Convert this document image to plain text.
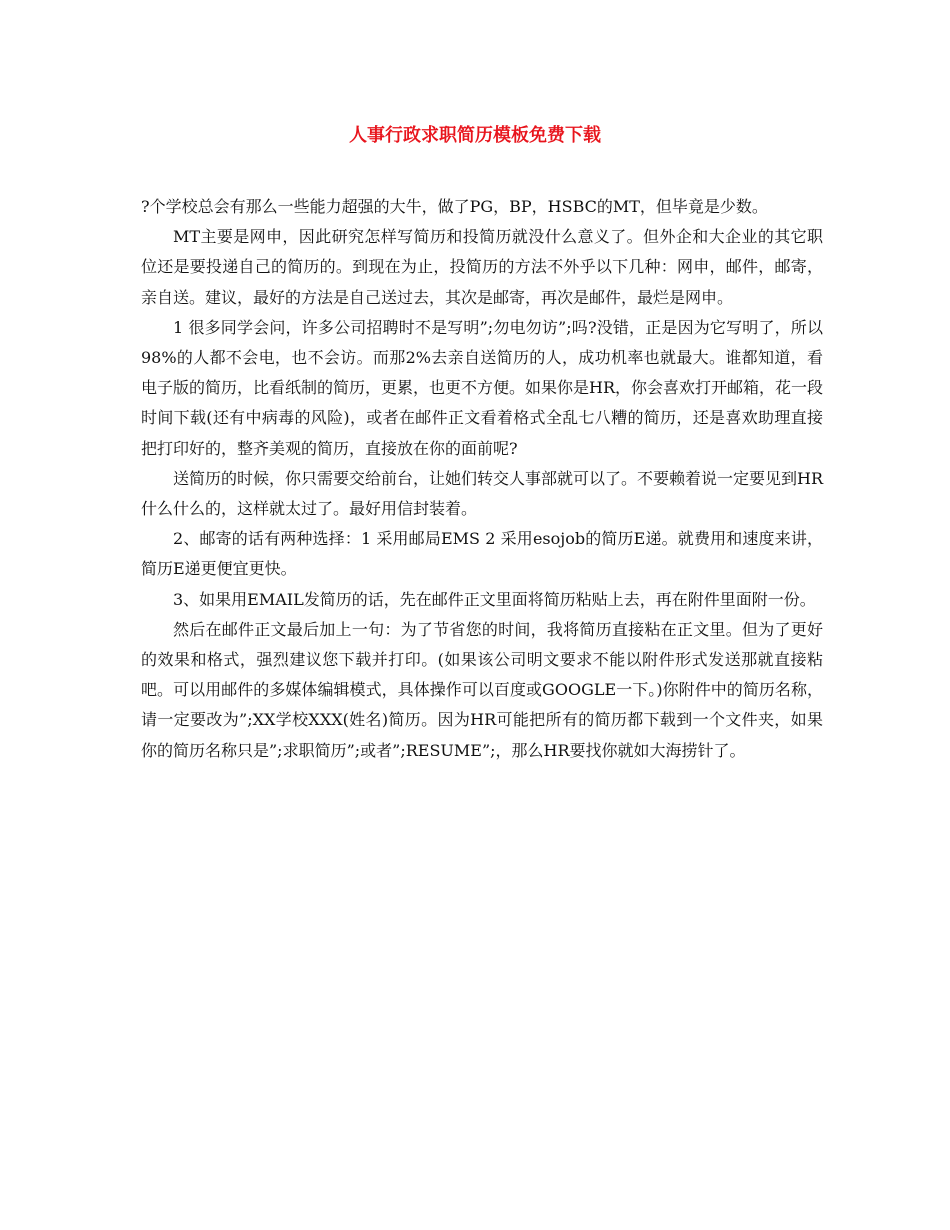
人事行政求职简历模板免费下载

?个学校总会有那么一些能力超强的大牛，做了PG，BP，HSBC的MT，但毕竟是少数。

MT主要是网申，因此研究怎样写简历和投简历就没什么意义了。但外企和大企业的其它职位还是要投递自己的简历的。到现在为止，投简历的方法不外乎以下几种：网申，邮件，邮寄，亲自送。建议，最好的方法是自己送过去，其次是邮寄，再次是邮件，最烂是网申。

1 很多同学会问，许多公司招聘时不是写明”;勿电勿访”;吗?没错，正是因为它写明了，所以98%的人都不会电，也不会访。而那2%去亲自送简历的人，成功机率也就最大。谁都知道，看电子版的简历，比看纸制的简历，更累，也更不方便。如果你是HR，你会喜欢打开邮箱，花一段时间下载(还有中病毒的风险)，或者在邮件正文看着格式全乱七八糟的简历，还是喜欢助理直接把打印好的，整齐美观的简历，直接放在你的面前呢?

送简历的时候，你只需要交给前台，让她们转交人事部就可以了。不要赖着说一定要见到HR什么什么的，这样就太过了。最好用信封装着。

2、邮寄的话有两种选择：1 采用邮局EMS 2 采用esojob的简历E递。就费用和速度来讲，简历E递更便宜更快。

3、如果用EMAIL发简历的话，先在邮件正文里面将简历粘贴上去，再在附件里面附一份。

然后在邮件正文最后加上一句：为了节省您的时间，我将简历直接粘在正文里。但为了更好的效果和格式，强烈建议您下载并打印。(如果该公司明文要求不能以附件形式发送那就直接粘吧。可以用邮件的多媒体编辑模式，具体操作可以百度或GOOGLE一下。)你附件中的简历名称，请一定要改为”;XX学校XXX(姓名)简历。因为HR可能把所有的简历都下载到一个文件夹，如果你的简历名称只是”;求职简历”;或者”;RESUME”;，那么HR要找你就如大海捞针了。
